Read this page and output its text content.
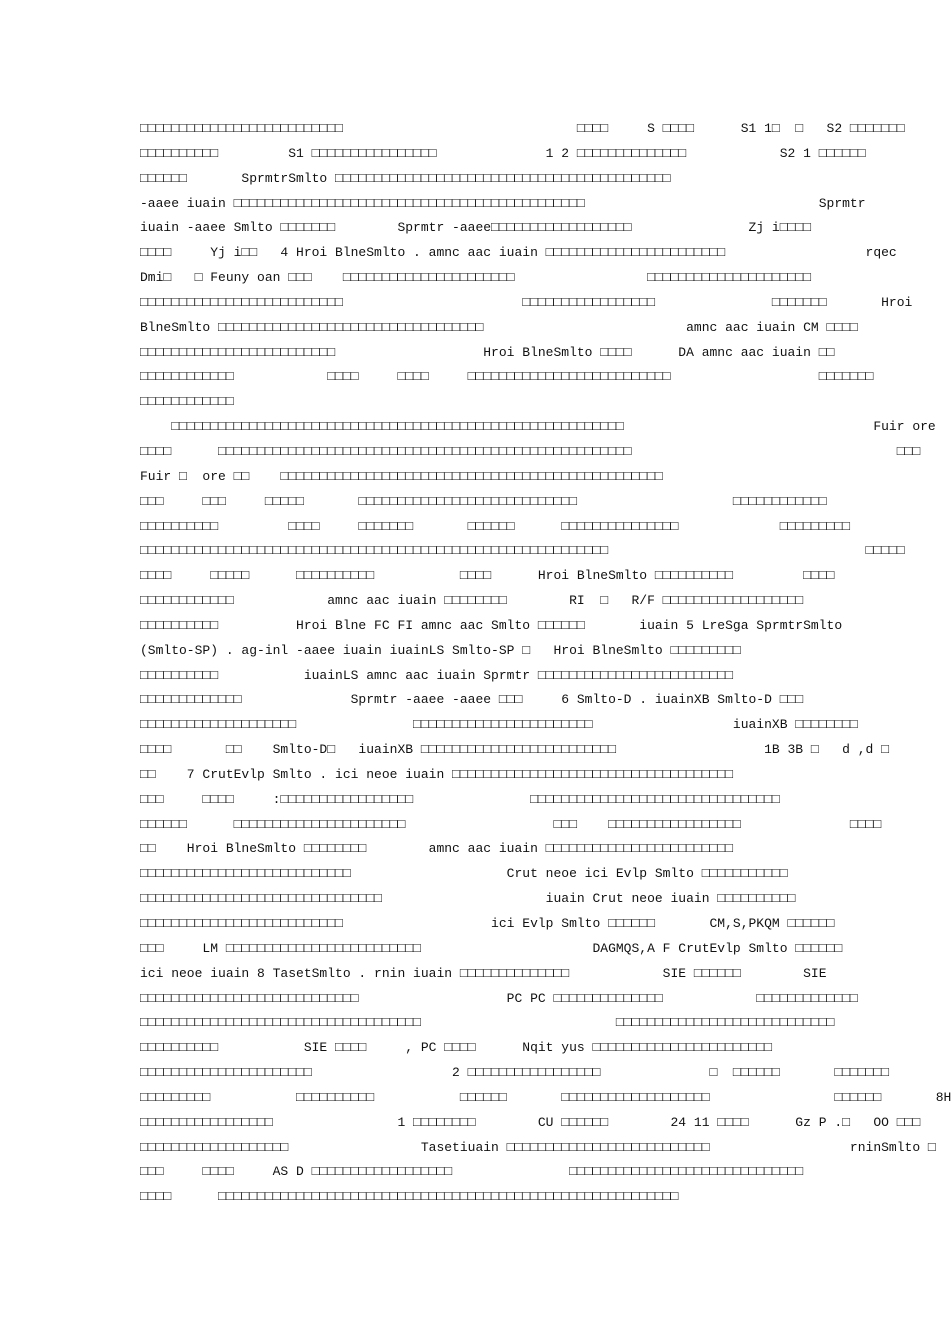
□□□□□□□□□□□□□□□□□□□□□□□□□□                              □□□□     S □□□□      S1 1□  □   S2 □□□□□□□
□□□□□□□□□□         S1 □□□□□□□□□□□□□□□□              1 2 □□□□□□□□□□□□□□            S2 1 □□□□□□
□□□□□□       SprmtrSmlto □□□□□□□□□□□□□□□□□□□□□□□□□□□□□□□□□□□□□□□□□□□
-aaee iuain □□□□□□□□□□□□□□□□□□□□□□□□□□□□□□□□□□□□□□□□□□□□□                              Sprmtr
iuain -aaee Smlto □□□□□□□        Sprmtr -aaee□□□□□□□□□□□□□□□□□□               Zj i□□□□
□□□□     Yj i□□   4 Hroi BlneSmlto . amnc aac iuain □□□□□□□□□□□□□□□□□□□□□□□                  rqec
Dmi□   □ Feuny oan □□□    □□□□□□□□□□□□□□□□□□□□□□                 □□□□□□□□□□□□□□□□□□□□□
□□□□□□□□□□□□□□□□□□□□□□□□□□                       □□□□□□□□□□□□□□□□□               □□□□□□□       Hroi
BlneSmlto □□□□□□□□□□□□□□□□□□□□□□□□□□□□□□□□□□                          amnc aac iuain CM □□□□
□□□□□□□□□□□□□□□□□□□□□□□□□                   Hroi BlneSmlto □□□□      DA amnc aac iuain □□
□□□□□□□□□□□□            □□□□     □□□□     □□□□□□□□□□□□□□□□□□□□□□□□□□                   □□□□□□□
□□□□□□□□□□□□
□□□□□□□□□□□□□□□□□□□□□□□□□□□□□□□□□□□□□□□□□□□□□□□□□□□□□□□□□□                                Fuir ore
□□□□      □□□□□□□□□□□□□□□□□□□□□□□□□□□□□□□□□□□□□□□□□□□□□□□□□□□□□                                  □□□
Fuir □  ore □□    □□□□□□□□□□□□□□□□□□□□□□□□□□□□□□□□□□□□□□□□□□□□□□□□□
□□□     □□□     □□□□□       □□□□□□□□□□□□□□□□□□□□□□□□□□□□                    □□□□□□□□□□□□
□□□□□□□□□□         □□□□     □□□□□□□       □□□□□□      □□□□□□□□□□□□□□□             □□□□□□□□□
□□□□□□□□□□□□□□□□□□□□□□□□□□□□□□□□□□□□□□□□□□□□□□□□□□□□□□□□□□□□                                 □□□□□
□□□□     □□□□□      □□□□□□□□□□           □□□□      Hroi BlneSmlto □□□□□□□□□□         □□□□
□□□□□□□□□□□□            amnc aac iuain □□□□□□□□        RI  □   R/F □□□□□□□□□□□□□□□□□□
□□□□□□□□□□          Hroi Blne FC FI amnc aac Smlto □□□□□□       iuain 5 LreSga SprmtrSmlto
(Smlto-SP) . ag-inl -aaee iuain iuainLS Smlto-SP □   Hroi BlneSmlto □□□□□□□□□
□□□□□□□□□□           iuainLS amnc aac iuain Sprmtr □□□□□□□□□□□□□□□□□□□□□□□□□
□□□□□□□□□□□□□              Sprmtr -aaee -aaee □□□     6 Smlto-D . iuainXB Smlto-D □□□
□□□□□□□□□□□□□□□□□□□□               □□□□□□□□□□□□□□□□□□□□□□□                  iuainXB □□□□□□□□
□□□□       □□    Smlto-D□   iuainXB □□□□□□□□□□□□□□□□□□□□□□□□□                   1B 3B □   d ,d □
□□    7 CrutEvlp Smlto . ici neoe iuain □□□□□□□□□□□□□□□□□□□□□□□□□□□□□□□□□□□□
□□□     □□□□     :□□□□□□□□□□□□□□□□□               □□□□□□□□□□□□□□□□□□□□□□□□□□□□□□□□
□□□□□□      □□□□□□□□□□□□□□□□□□□□□□                   □□□    □□□□□□□□□□□□□□□□□              □□□□
□□    Hroi BlneSmlto □□□□□□□□        amnc aac iuain □□□□□□□□□□□□□□□□□□□□□□□□
□□□□□□□□□□□□□□□□□□□□□□□□□□□                    Crut neoe ici Evlp Smlto □□□□□□□□□□□
□□□□□□□□□□□□□□□□□□□□□□□□□□□□□□□                     iuain Crut neoe iuain □□□□□□□□□□
□□□□□□□□□□□□□□□□□□□□□□□□□□                   ici Evlp Smlto □□□□□□       CM,S,PKQM □□□□□□
□□□     LM □□□□□□□□□□□□□□□□□□□□□□□□□                      DAGMQS,A F CrutEvlp Smlto □□□□□□
ici neoe iuain 8 TasetSmlto . rnin iuain □□□□□□□□□□□□□□            SIE □□□□□□        SIE
□□□□□□□□□□□□□□□□□□□□□□□□□□□□                   PC PC □□□□□□□□□□□□□□            □□□□□□□□□□□□□
□□□□□□□□□□□□□□□□□□□□□□□□□□□□□□□□□□□□                         □□□□□□□□□□□□□□□□□□□□□□□□□□□□
□□□□□□□□□□           SIE □□□□     , PC □□□□      Nqit yus □□□□□□□□□□□□□□□□□□□□□□□
□□□□□□□□□□□□□□□□□□□□□□                  2 □□□□□□□□□□□□□□□□□              □  □□□□□□       □□□□□□□
□□□□□□□□□           □□□□□□□□□□           □□□□□□       □□□□□□□□□□□□□□□□□□□                □□□□□□       8H
□□□□□□□□□□□□□□□□□                1 □□□□□□□□        CU □□□□□□        24 11 □□□□      Gz P .□   OO □□□
□□□□□□□□□□□□□□□□□□□                 Tasetiuain □□□□□□□□□□□□□□□□□□□□□□□□□□                  rninSmlto □
□□□     □□□□     AS D □□□□□□□□□□□□□□□□□□               □□□□□□□□□□□□□□□□□□□□□□□□□□□□□□
□□□□      □□□□□□□□□□□□□□□□□□□□□□□□□□□□□□□□□□□□□□□□□□□□□□□□□□□□□□□□□□□
